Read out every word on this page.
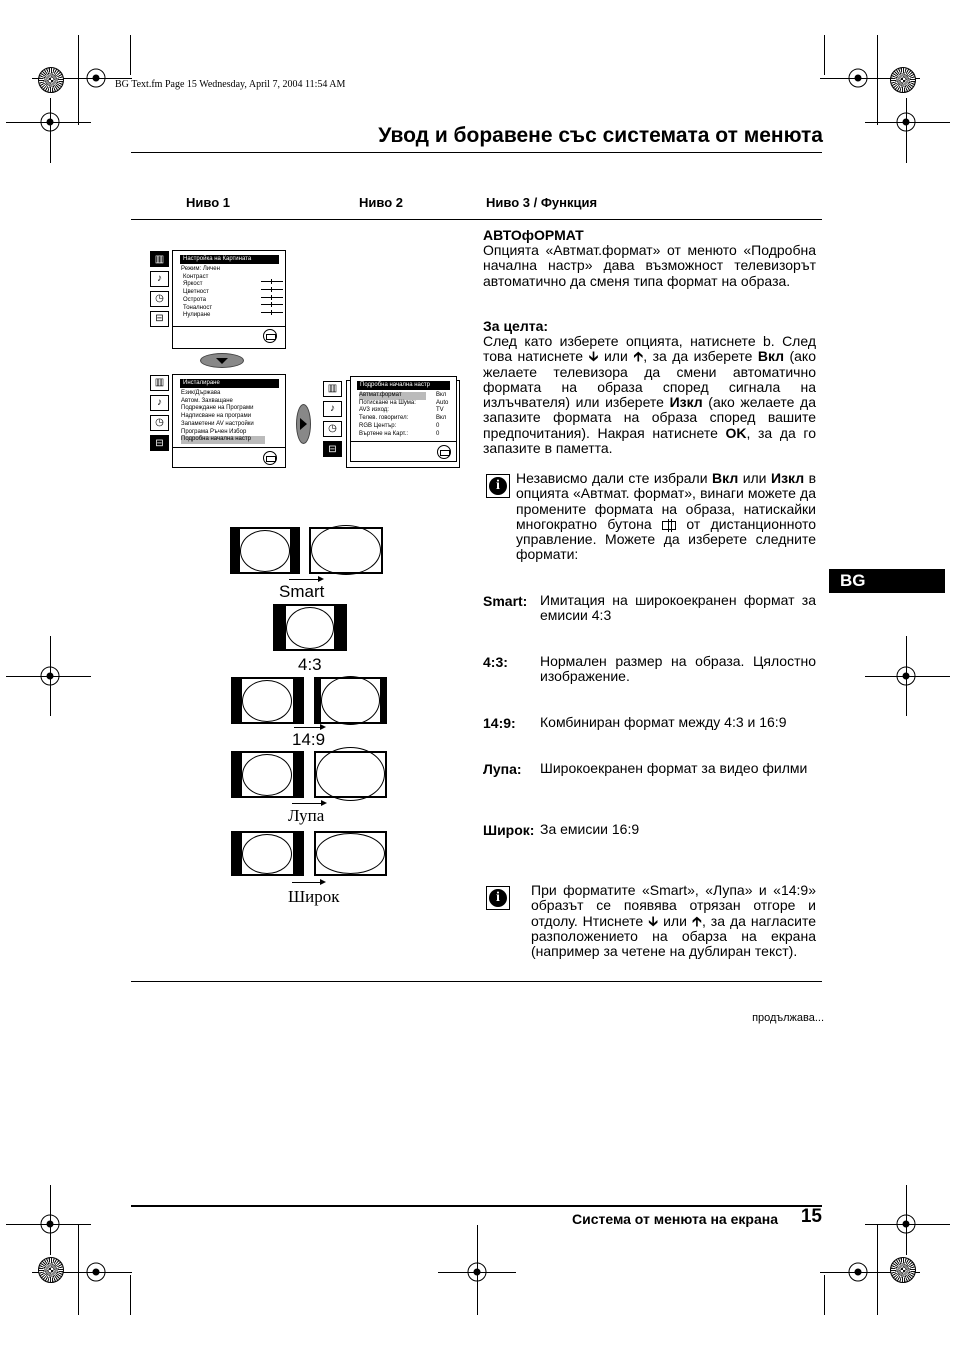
BG Text.fm Page 15 Wednesday, April 7, 2004 11:54 AM
Увод и боравене със системата от менюта
Ниво 1	Ниво 2	Ниво 3 / Функция
▥
♪
◷
⊟
Настройка на Картината
Режим: Личен
Контраст
Яркост
Цветност
Острота
Тоналност
Нулиране
▥
♪
◷
⊟
Инсталиране
Език/Държава
Автом. Захващане
Подреждане на Програми
Надписване на програми
Запаметени AV настройки
Програма Ръчен Избор
Подробна начална настр
▥
♪
◷
⊟
Подробна начална настр
Автмат.формат	Вкл
Потискане на Шума:	Auto
AV3 изход:	TV
Телев. говорител:	Вкл
RGB Център:	0
Въртене на Карт.:	0
Smart
4:3
14:9
Лупа
Широк
АВТОфОРМАТ
Опцията «Автмат.формат» от менюто «Подробна начална настр» дава възможност телевизорът автоматично да сменя типа формат на образа.
За целта:
След като изберете опцията, натиснете b. След това натиснете 🡳 или 🡱, за да изберете Вкл (ако желаете телевизора да смени автоматично формата на образа според сигнала на излъчвателя) или изберете Изкл (ако желаете да запазите формата на образа според вашите предпочитания). Накрая натиснете OK, за да го запазите в паметта.
i	Независмо дали сте избрали Вкл или Изкл в опцията «Автмат. формат», винаги можете да промените формата на образа, натискайки многократно бутона  от дистанционното управление. Можете да изберете следните формати:
BG
Smart: Имитация на широкоекранен формат за емисии 4:3
4:3: Нормален размер на образа. Цялостно изображение.
14:9: Комбиниран формат между 4:3 и 16:9
Лупа: Широкоекранен формат за видео филми
Широк: За емисии 16:9
i	При форматите «Smart», «Лупа» и «14:9» образът се появява отрязан отгоре и отдолу. Нтиснете 🡳 или 🡱, за да нагласите разположението на обарза на екрана (например за четене на дублиран текст).
продължава...
Система от менюта на екрана 15
